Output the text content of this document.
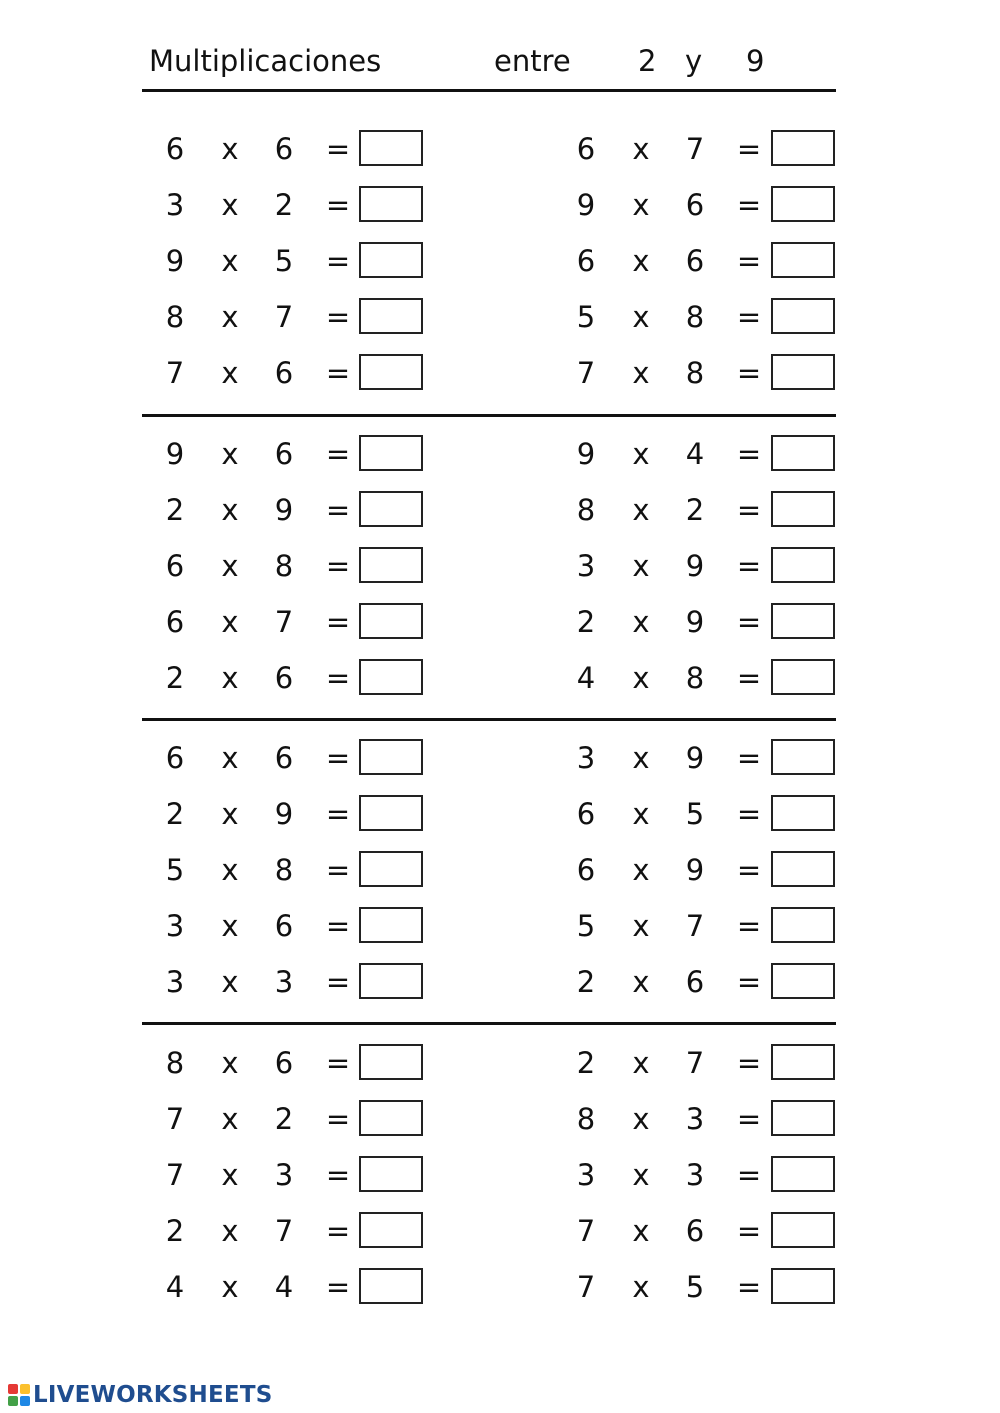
Multiplicaciones	entre 2 y 9
6 x 6 =
3 x 2 =
9 x 5 =
8 x 7 =
7 x 6 =
6 x 7 =
9 x 6 =
6 x 6 =
5 x 8 =
7 x 8 =
9 x 6 =
2 x 9 =
6 x 8 =
6 x 7 =
2 x 6 =
9 x 4 =
8 x 2 =
3 x 9 =
2 x 9 =
4 x 8 =
6 x 6 =
2 x 9 =
5 x 8 =
3 x 6 =
3 x 3 =
3 x 9 =
6 x 5 =
6 x 9 =
5 x 7 =
2 x 6 =
8 x 6 =
7 x 2 =
7 x 3 =
2 x 7 =
4 x 4 =
2 x 7 =
8 x 3 =
3 x 3 =
7 x 6 =
7 x 5 =
LIVEWORKSHEETS
